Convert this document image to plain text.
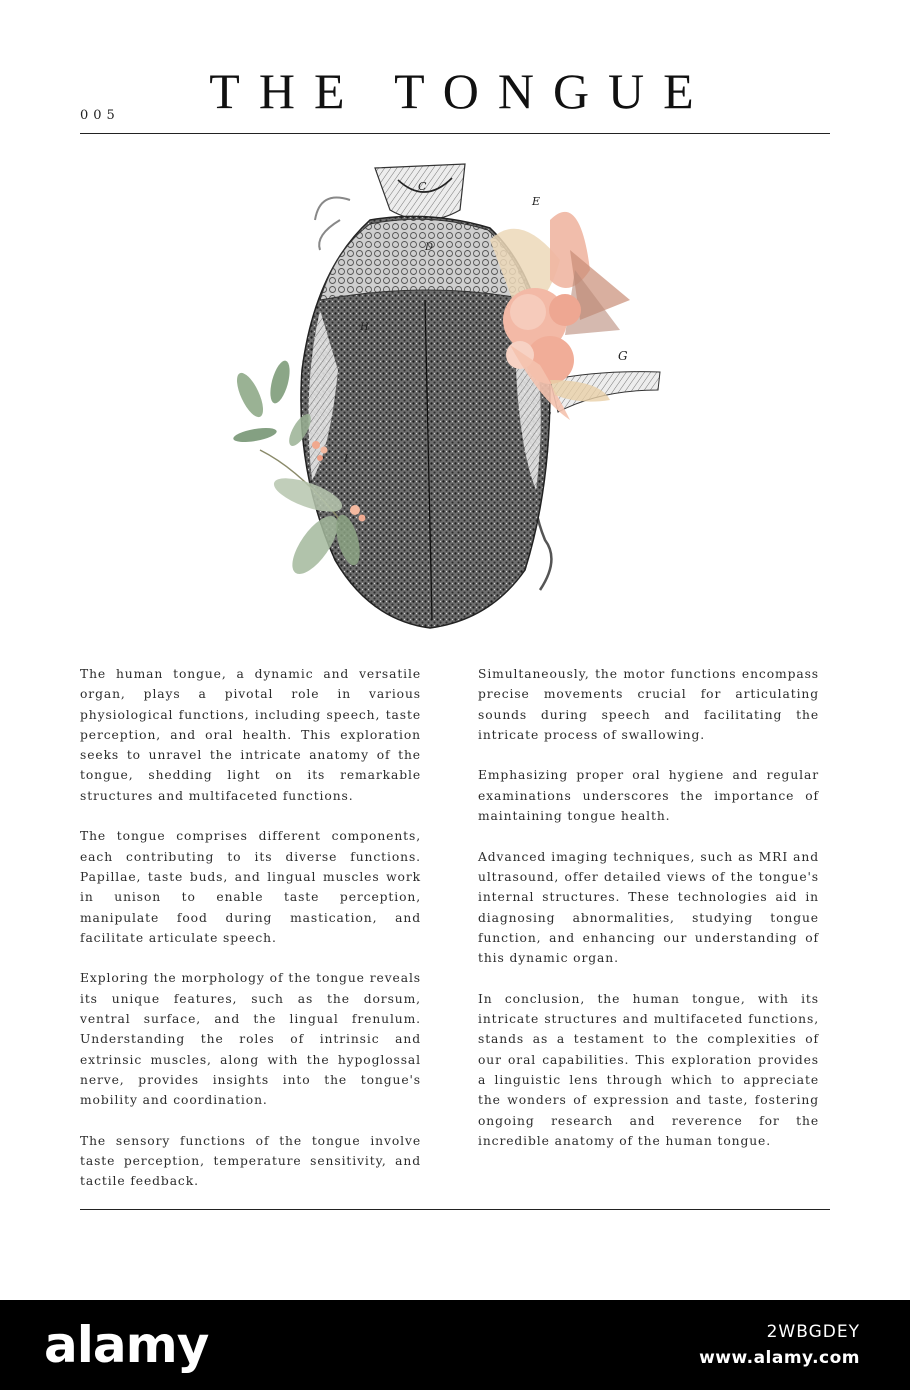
005	THE TONGUE
C
D
E
G
H
I

The human tongue, a dynamic and versatile organ, plays a pivotal role in various physiological functions, including speech, taste perception, and oral health. This exploration seeks to unravel the intricate anatomy of the tongue, shedding light on its remarkable structures and multifaceted functions.

The tongue comprises different components, each contributing to its diverse functions. Papillae, taste buds, and lingual muscles work in unison to enable taste perception, manipulate food during mastication, and facilitate articulate speech.

Exploring the morphology of the tongue reveals its unique features, such as the dorsum, ventral surface, and the lingual frenulum. Understanding the roles of intrinsic and extrinsic muscles, along with the hypoglossal nerve, provides insights into the tongue's mobility and coordination.

The sensory functions of the tongue involve taste perception, temperature sensitivity, and tactile feedback.

Simultaneously, the motor functions encompass precise movements crucial for articulating sounds during speech and facilitating the intricate process of swallowing.

Emphasizing proper oral hygiene and regular examinations underscores the importance of maintaining tongue health.

Advanced imaging techniques, such as MRI and ultrasound, offer detailed views of the tongue's internal structures. These technologies aid in diagnosing abnormalities, studying tongue function, and enhancing our understanding of this dynamic organ.

In conclusion, the human tongue, with its intricate structures and multifaceted functions, stands as a testament to the complexities of our oral capabilities. This exploration provides a linguistic lens through which to appreciate the wonders of expression and taste, fostering ongoing research and reverence for the incredible anatomy of the human tongue.

alamy	2WBGDEY
www.alamy.com
